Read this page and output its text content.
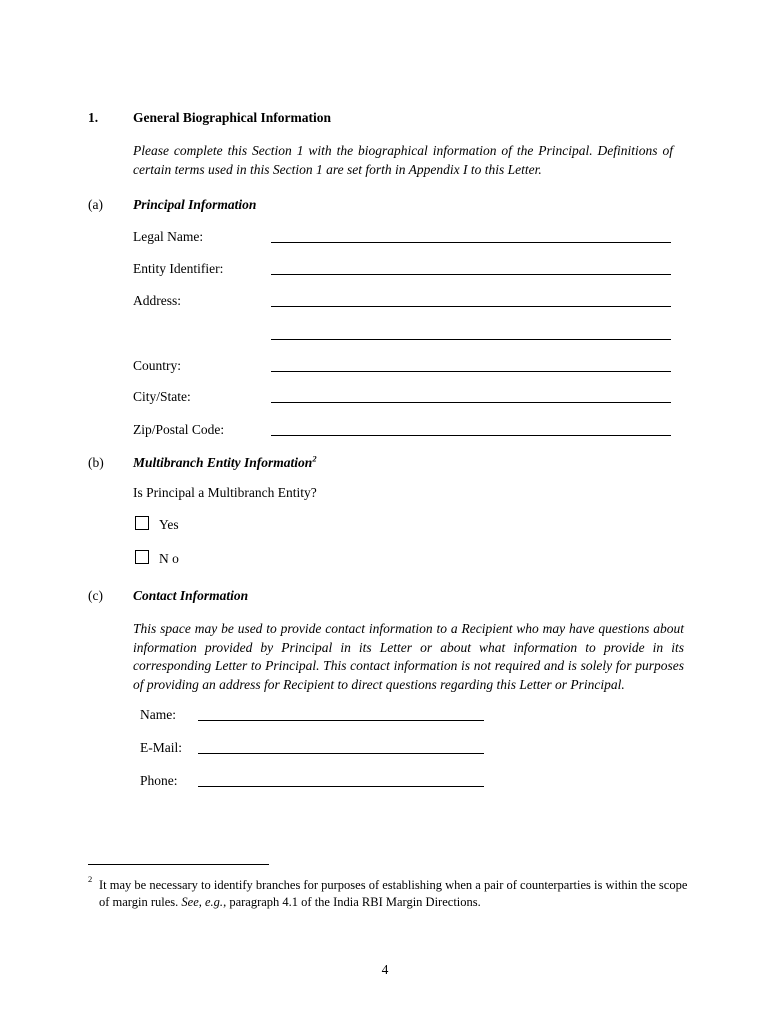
1.	General Biographical Information
Please complete this Section 1 with the biographical information of the Principal. Definitions of certain terms used in this Section 1 are set forth in Appendix I to this Letter.
(a) Principal Information
Legal Name:
Entity Identifier:
Address:
Country:
City/State:
Zip/Postal Code:
(b) Multibranch Entity Information$^2$
Is Principal a Multibranch Entity?
Yes
N o
(c) Contact Information
This space may be used to provide contact information to a Recipient who may have questions about information provided by Principal in its Letter or about what information to provide in its corresponding Letter to Principal. This contact information is not required and is solely for purposes of providing an address for Recipient to direct questions regarding this Letter or Principal.
Name:
E-Mail:
Phone:
$^2$ It may be necessary to identify branches for purposes of establishing when a pair of counterparties is within the scope of margin rules. See, e.g., paragraph 4.1 of the India RBI Margin Directions.
4
